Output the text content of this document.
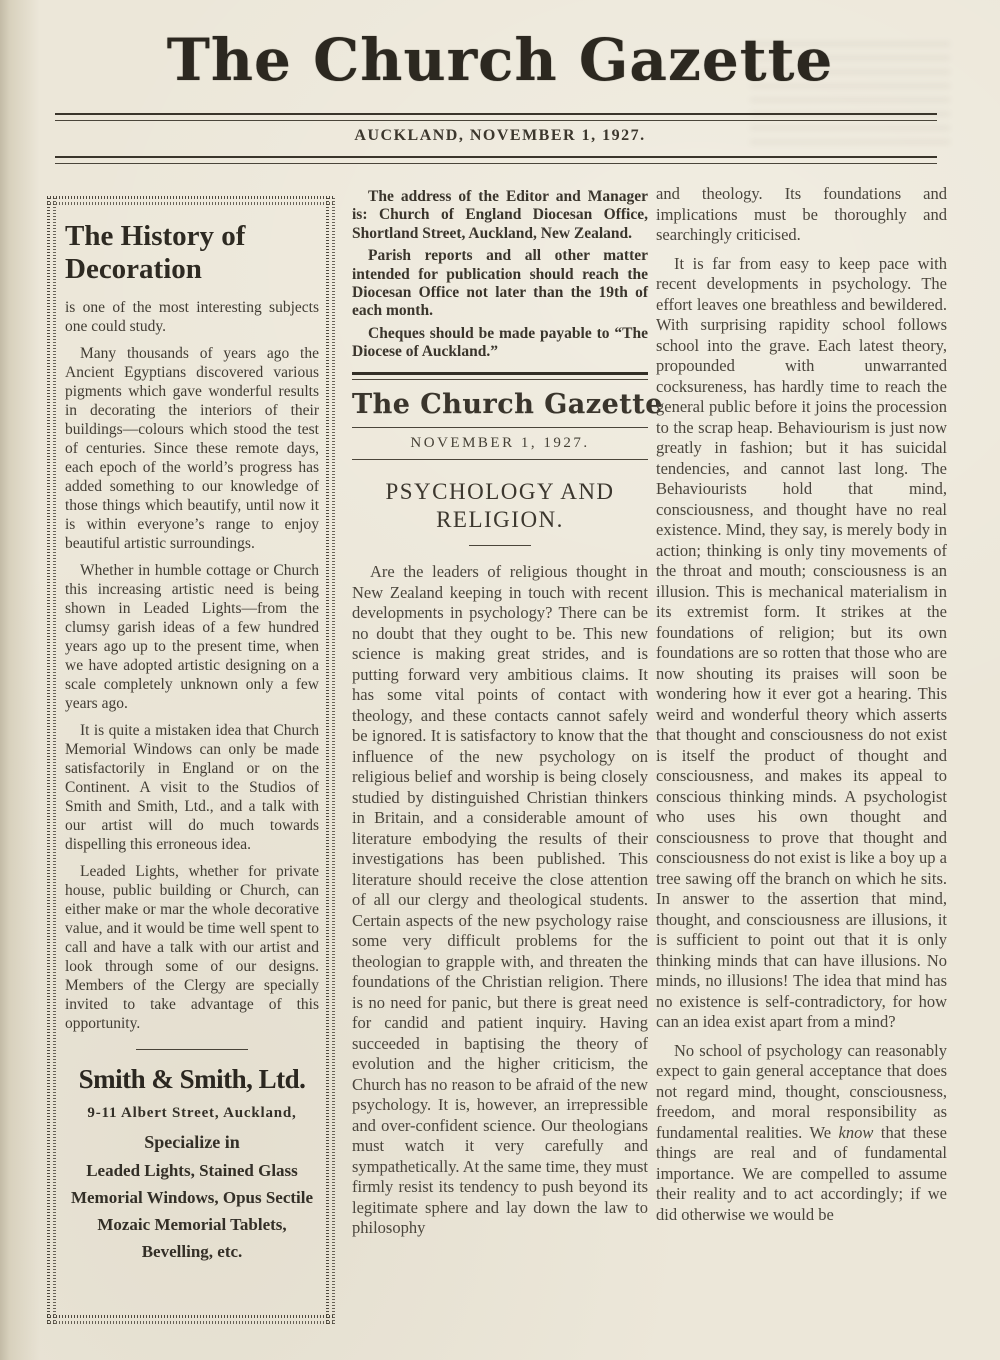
The Church Gazette
AUCKLAND, NOVEMBER 1, 1927.
The History of Decoration

is one of the most interesting subjects one could study.

Many thousands of years ago the Ancient Egyptians discovered various pigments which gave wonderful results in decorating the interiors of their buildings—colours which stood the test of centuries. Since these remote days, each epoch of the world’s progress has added something to our knowledge of those things which beautify, until now it is within everyone’s range to enjoy beautiful artistic surroundings.

Whether in humble cottage or Church this increasing artistic need is being shown in Leaded Lights—from the clumsy garish ideas of a few hundred years ago up to the present time, when we have adopted artistic designing on a scale completely unknown only a few years ago.

It is quite a mistaken idea that Church Memorial Windows can only be made satisfactorily in England or on the Continent. A visit to the Studios of Smith and Smith, Ltd., and a talk with our artist will do much towards dispelling this erroneous idea.

Leaded Lights, whether for private house, public building or Church, can either make or mar the whole decorative value, and it would be time well spent to call and have a talk with our artist and look through some of our designs. Members of the Clergy are specially invited to take advantage of this opportunity.

Smith & Smith, Ltd.
9-11 Albert Street, Auckland,
Specialize in
Leaded Lights, Stained Glass Memorial Windows, Opus Sectile Mozaic Memorial Tablets, Bevelling, etc.

The address of the Editor and Manager is: Church of England Diocesan Office, Shortland Street, Auckland, New Zealand.

Parish reports and all other matter intended for publication should reach the Diocesan Office not later than the 19th of each month.

Cheques should be made payable to “The Diocese of Auckland.”

The Church Gazette
NOVEMBER 1, 1927.
PSYCHOLOGY AND RELIGION.

Are the leaders of religious thought in New Zealand keeping in touch with recent developments in psychology? There can be no doubt that they ought to be. This new science is making great strides, and is putting forward very ambitious claims. It has some vital points of contact with theology, and these contacts cannot safely be ignored. It is satisfactory to know that the influence of the new psychology on religious belief and worship is being closely studied by distinguished Christian thinkers in Britain, and a considerable amount of literature embodying the results of their investigations has been published. This literature should receive the close attention of all our clergy and theological students. Certain aspects of the new psychology raise some very difficult problems for the theologian to grapple with, and threaten the foundations of the Christian religion. There is no need for panic, but there is great need for candid and patient inquiry. Having succeeded in baptising the theory of evolution and the higher criticism, the Church has no reason to be afraid of the new psychology. It is, however, an irrepressible and over-confident science. Our theologians must watch it very carefully and sympathetically. At the same time, they must firmly resist its tendency to push beyond its legitimate sphere and lay down the law to philosophy

and theology. Its foundations and implications must be thoroughly and searchingly criticised.

It is far from easy to keep pace with recent developments in psychology. The effort leaves one breathless and bewildered. With surprising rapidity school follows school into the grave. Each latest theory, propounded with unwarranted cocksureness, has hardly time to reach the general public before it joins the procession to the scrap heap. Behaviourism is just now greatly in fashion; but it has suicidal tendencies, and cannot last long. The Behaviourists hold that mind, consciousness, and thought have no real existence. Mind, they say, is merely body in action; thinking is only tiny movements of the throat and mouth; consciousness is an illusion. This is mechanical materialism in its extremist form. It strikes at the foundations of religion; but its own foundations are so rotten that those who are now shouting its praises will soon be wondering how it ever got a hearing. This weird and wonderful theory which asserts that thought and consciousness do not exist is itself the product of thought and consciousness, and makes its appeal to conscious thinking minds. A psychologist who uses his own thought and consciousness to prove that thought and consciousness do not exist is like a boy up a tree sawing off the branch on which he sits. In answer to the assertion that mind, thought, and consciousness are illusions, it is sufficient to point out that it is only thinking minds that can have illusions. No minds, no illusions! The idea that mind has no existence is self-contradictory, for how can an idea exist apart from a mind?

No school of psychology can reasonably expect to gain general acceptance that does not regard mind, thought, consciousness, freedom, and moral responsibility as fundamental realities. We know that these things are real and of fundamental importance. We are compelled to assume their reality and to act accordingly; if we did otherwise we would be
